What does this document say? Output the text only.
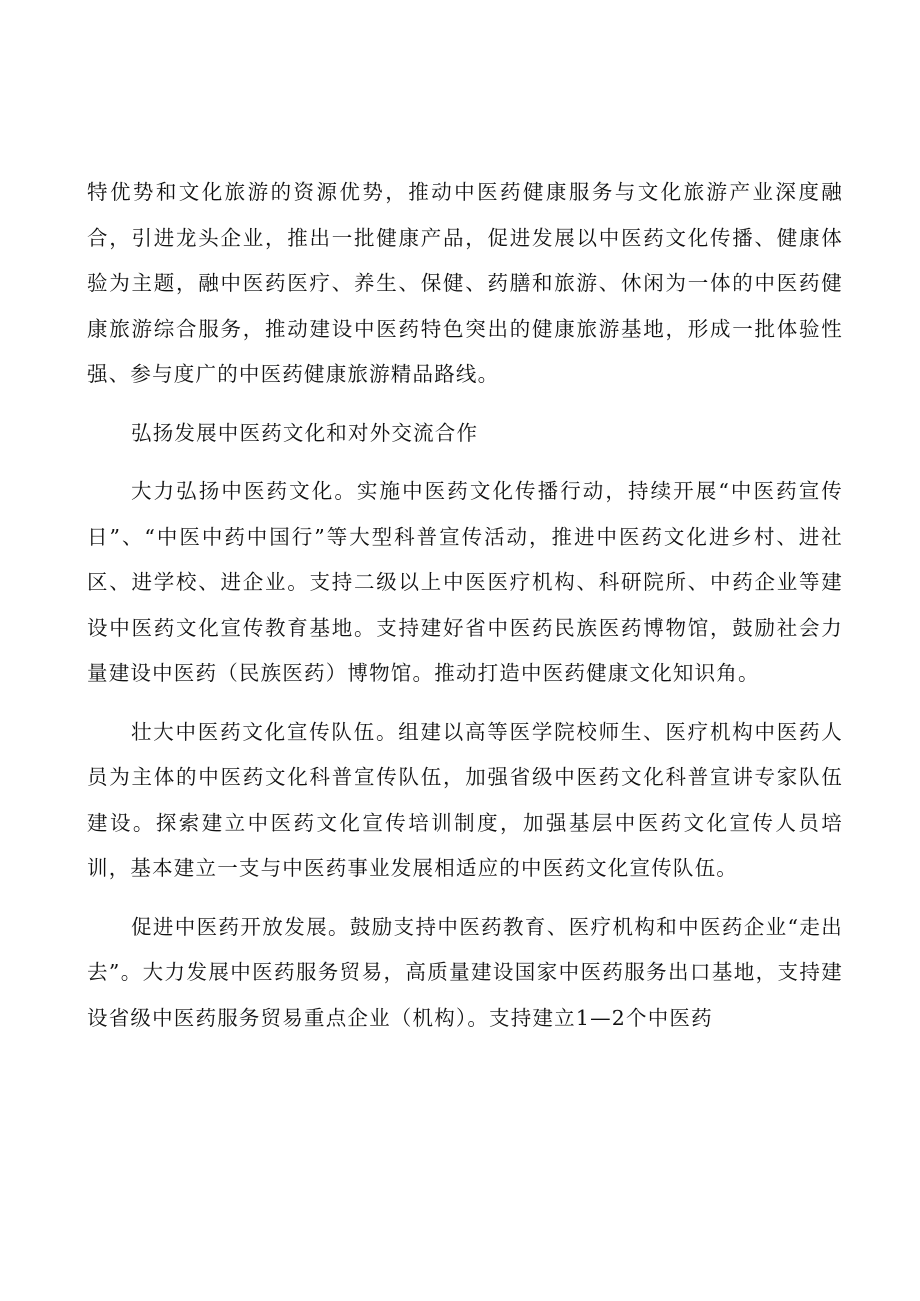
特优势和文化旅游的资源优势，推动中医药健康服务与文化旅游产业深度融合，引进龙头企业，推出一批健康产品，促进发展以中医药文化传播、健康体验为主题，融中医药医疗、养生、保健、药膳和旅游、休闲为一体的中医药健康旅游综合服务，推动建设中医药特色突出的健康旅游基地，形成一批体验性强、参与度广的中医药健康旅游精品路线。

弘扬发展中医药文化和对外交流合作

大力弘扬中医药文化。实施中医药文化传播行动，持续开展“中医药宣传日”、“中医中药中国行”等大型科普宣传活动，推进中医药文化进乡村、进社区、进学校、进企业。支持二级以上中医医疗机构、科研院所、中药企业等建设中医药文化宣传教育基地。支持建好省中医药民族医药博物馆，鼓励社会力量建设中医药（民族医药）博物馆。推动打造中医药健康文化知识角。

壮大中医药文化宣传队伍。组建以高等医学院校师生、医疗机构中医药人员为主体的中医药文化科普宣传队伍，加强省级中医药文化科普宣讲专家队伍建设。探索建立中医药文化宣传培训制度，加强基层中医药文化宣传人员培训，基本建立一支与中医药事业发展相适应的中医药文化宣传队伍。

促进中医药开放发展。鼓励支持中医药教育、医疗机构和中医药企业“走出去”。大力发展中医药服务贸易，高质量建设国家中医药服务出口基地，支持建设省级中医药服务贸易重点企业（机构）。支持建立1—2个中医药
